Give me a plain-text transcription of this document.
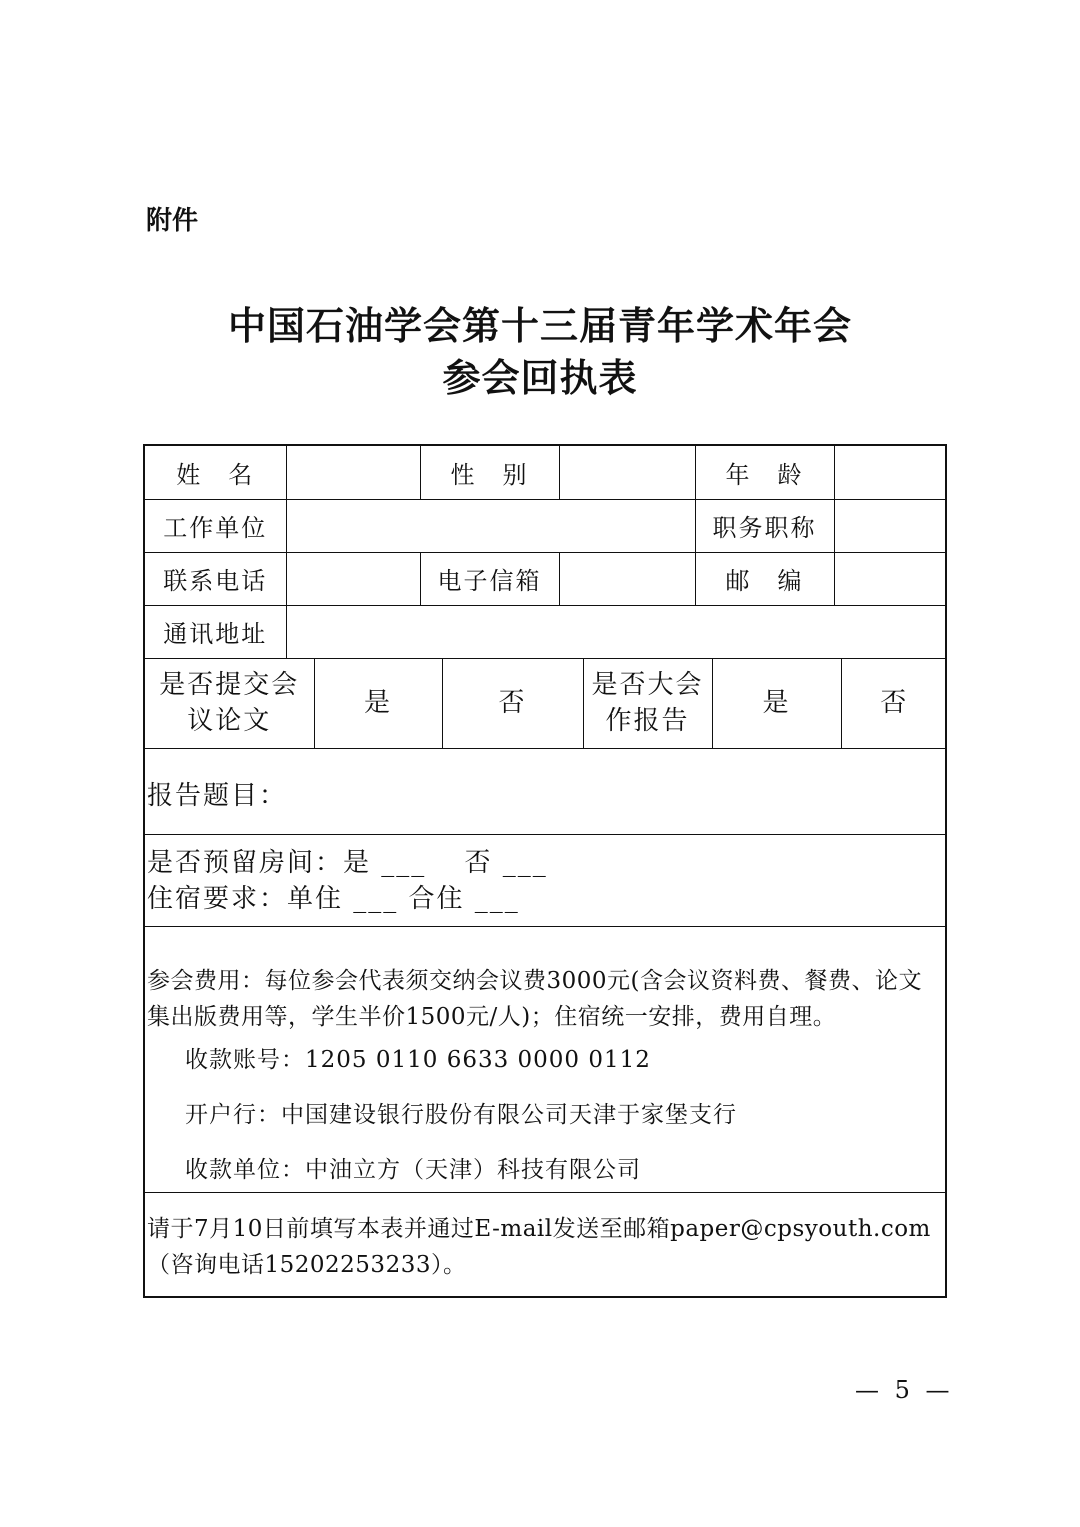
附件
中国石油学会第十三届青年学术年会
参会回执表
姓　名		性　别		年　龄	
工作单位				职务职称	
联系电话		电子信箱		邮　编	
通讯地址					
是否提交会议论文	是	否	是否大会作报告	是	否
报告题目：
是否预留房间：是 ___　 否 ___
住宿要求：单住 ___ 合住 ___
参会费用：每位参会代表须交纳会议费3000元(含会议资料费、餐费、论文集出版费用等，学生半价1500元/人)；住宿统一安排，费用自理。
收款账号：1205 0110 6633 0000 0112
开户行：中国建设银行股份有限公司天津于家堡支行
收款单位：中油立方（天津）科技有限公司
请于7月10日前填写本表并通过E-mail发送至邮箱paper@cpsyouth.com（咨询电话15202253233）。
— 5 —
